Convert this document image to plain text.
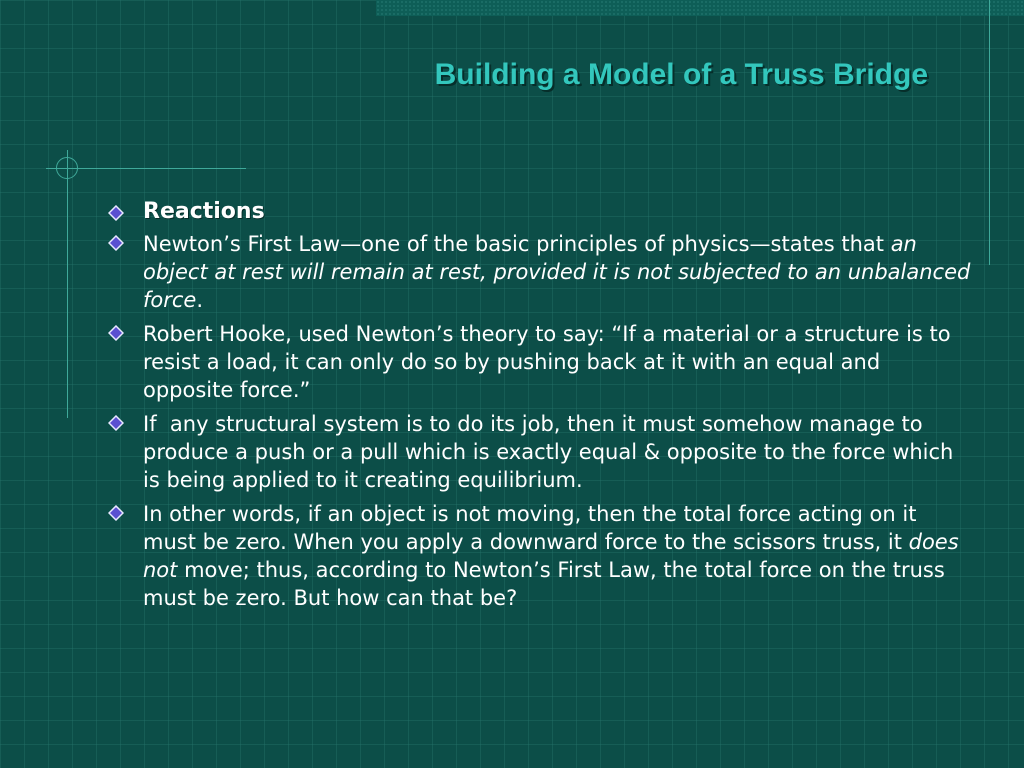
Building a Model of a Truss Bridge
Reactions
Newton’s First Law—one of the basic principles of physics—states that an object at rest will remain at rest, provided it is not subjected to an unbalanced force.
Robert Hooke, used Newton’s theory to say: “If a material or a structure is to resist a load, it can only do so by pushing back at it with an equal and opposite force.”
If  any structural system is to do its job, then it must somehow manage to produce a push or a pull which is exactly equal & opposite to the force which is being applied to it creating equilibrium.
In other words, if an object is not moving, then the total force acting on it must be zero. When you apply a downward force to the scissors truss, it does not move; thus, according to Newton’s First Law, the total force on the truss must be zero. But how can that be?
